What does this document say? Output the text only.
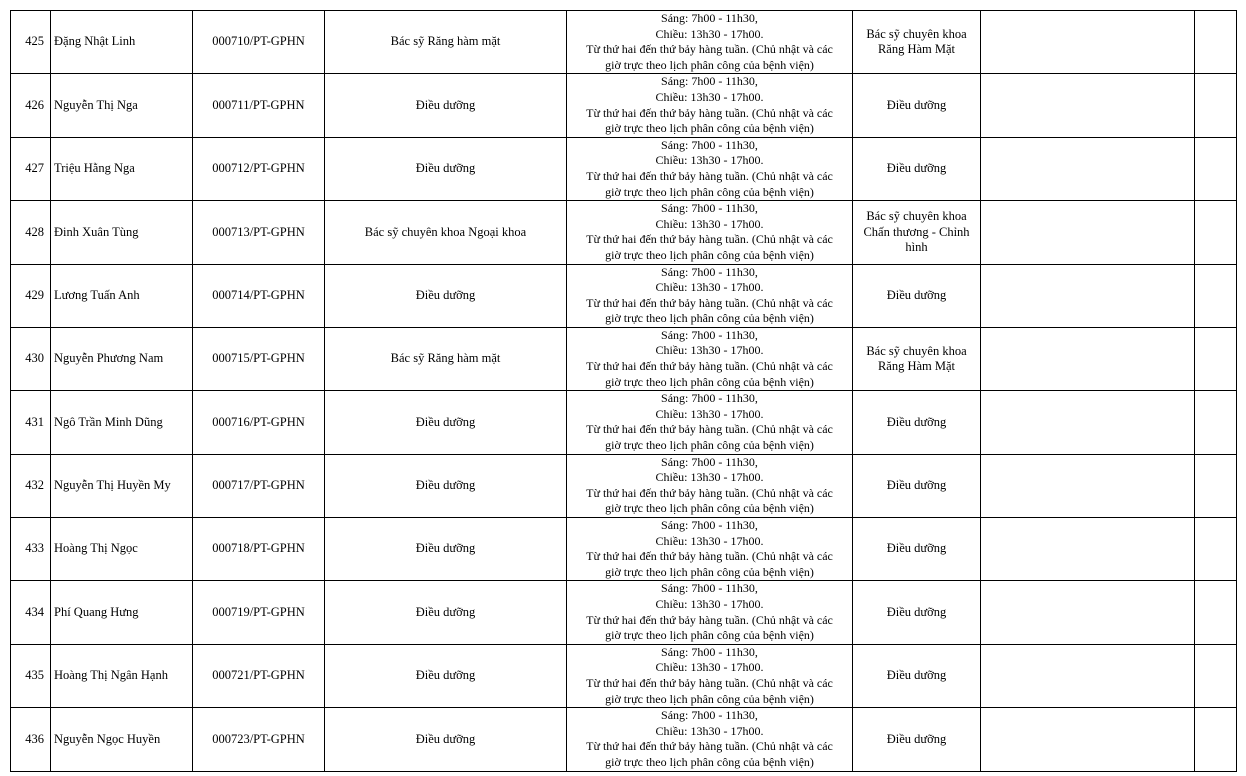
425	Đặng Nhật Linh	000710/PT-GPHN	Bác sỹ Răng hàm mặt	Sáng: 7h00 - 11h30,
Chiều: 13h30 - 17h00.
Từ thứ hai đến thứ bảy hàng tuần. (Chủ nhật và các
giờ trực theo lịch phân công của bệnh viện)	Bác sỹ chuyên khoa Răng Hàm Mặt		
426	Nguyễn Thị Nga	000711/PT-GPHN	Điều dưỡng	Sáng: 7h00 - 11h30,
Chiều: 13h30 - 17h00.
Từ thứ hai đến thứ bảy hàng tuần. (Chủ nhật và các
giờ trực theo lịch phân công của bệnh viện)	Điều dưỡng		
427	Triệu Hằng Nga	000712/PT-GPHN	Điều dưỡng	Sáng: 7h00 - 11h30,
Chiều: 13h30 - 17h00.
Từ thứ hai đến thứ bảy hàng tuần. (Chủ nhật và các
giờ trực theo lịch phân công của bệnh viện)	Điều dưỡng		
428	Đinh Xuân Tùng	000713/PT-GPHN	Bác sỹ chuyên khoa Ngoại khoa	Sáng: 7h00 - 11h30,
Chiều: 13h30 - 17h00.
Từ thứ hai đến thứ bảy hàng tuần. (Chủ nhật và các
giờ trực theo lịch phân công của bệnh viện)	Bác sỹ chuyên khoa Chấn thương - Chỉnh hình		
429	Lương Tuấn Anh	000714/PT-GPHN	Điều dưỡng	Sáng: 7h00 - 11h30,
Chiều: 13h30 - 17h00.
Từ thứ hai đến thứ bảy hàng tuần. (Chủ nhật và các
giờ trực theo lịch phân công của bệnh viện)	Điều dưỡng		
430	Nguyễn Phương Nam	000715/PT-GPHN	Bác sỹ Răng hàm mặt	Sáng: 7h00 - 11h30,
Chiều: 13h30 - 17h00.
Từ thứ hai đến thứ bảy hàng tuần. (Chủ nhật và các
giờ trực theo lịch phân công của bệnh viện)	Bác sỹ chuyên khoa Răng Hàm Mặt		
431	Ngô Trần Minh Dũng	000716/PT-GPHN	Điều dưỡng	Sáng: 7h00 - 11h30,
Chiều: 13h30 - 17h00.
Từ thứ hai đến thứ bảy hàng tuần. (Chủ nhật và các
giờ trực theo lịch phân công của bệnh viện)	Điều dưỡng		
432	Nguyễn Thị Huyền My	000717/PT-GPHN	Điều dưỡng	Sáng: 7h00 - 11h30,
Chiều: 13h30 - 17h00.
Từ thứ hai đến thứ bảy hàng tuần. (Chủ nhật và các
giờ trực theo lịch phân công của bệnh viện)	Điều dưỡng		
433	Hoàng Thị Ngọc	000718/PT-GPHN	Điều dưỡng	Sáng: 7h00 - 11h30,
Chiều: 13h30 - 17h00.
Từ thứ hai đến thứ bảy hàng tuần. (Chủ nhật và các
giờ trực theo lịch phân công của bệnh viện)	Điều dưỡng		
434	Phí Quang Hưng	000719/PT-GPHN	Điều dưỡng	Sáng: 7h00 - 11h30,
Chiều: 13h30 - 17h00.
Từ thứ hai đến thứ bảy hàng tuần. (Chủ nhật và các
giờ trực theo lịch phân công của bệnh viện)	Điều dưỡng		
435	Hoàng Thị Ngân Hạnh	000721/PT-GPHN	Điều dưỡng	Sáng: 7h00 - 11h30,
Chiều: 13h30 - 17h00.
Từ thứ hai đến thứ bảy hàng tuần. (Chủ nhật và các
giờ trực theo lịch phân công của bệnh viện)	Điều dưỡng		
436	Nguyễn Ngọc Huyền	000723/PT-GPHN	Điều dưỡng	Sáng: 7h00 - 11h30,
Chiều: 13h30 - 17h00.
Từ thứ hai đến thứ bảy hàng tuần. (Chủ nhật và các
giờ trực theo lịch phân công của bệnh viện)	Điều dưỡng		
